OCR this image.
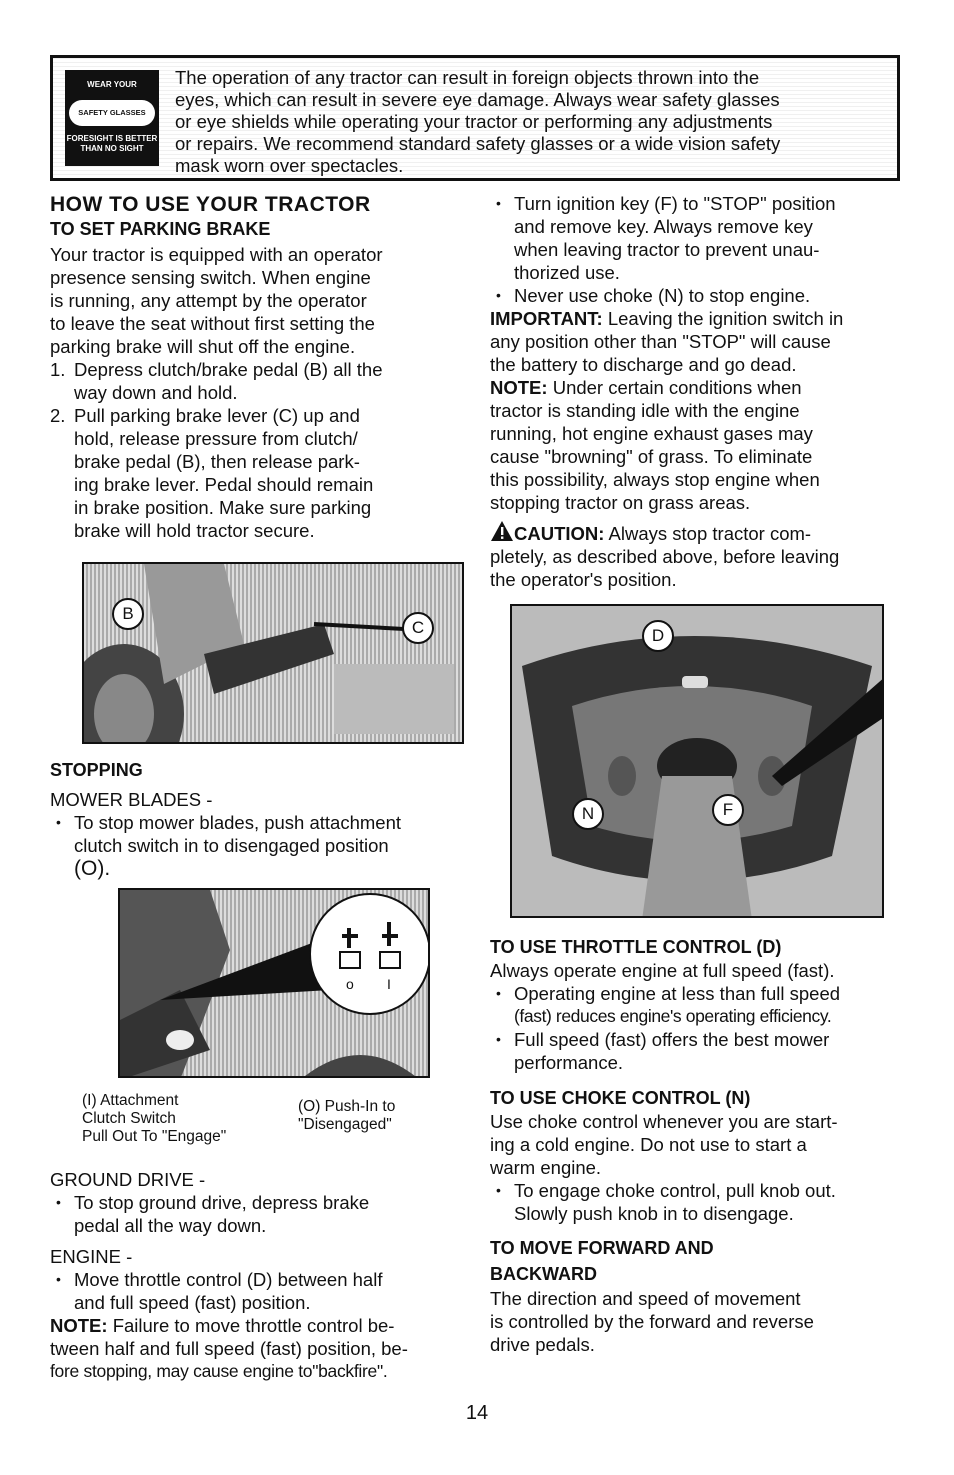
WEAR YOUR
SAFETY GLASSES
FORESIGHT IS BETTER
THAN NO SIGHT
The operation of any tractor can result in foreign objects thrown into the
eyes, which can result in severe eye damage. Always wear safety glasses
or eye shields while operating your tractor or performing any adjustments
or repairs. We recommend standard safety glasses or a wide vision safety
mask worn over spectacles.
HOW TO USE YOUR TRACTOR
TO SET PARKING BRAKE

Your tractor is equipped with an operator

presence sensing switch. When engine

is running, any attempt by the operator

to leave the seat without first setting the

parking brake will shut off the engine.

1. Depress clutch/brake pedal (B) all the
way down and hold.
2. Pull parking brake lever (C) up and
hold, release pressure from clutch/
brake pedal (B), then release park-
ing brake lever. Pedal should remain
in brake position. Make sure parking
brake will hold tractor secure.
B
C
STOPPING

MOWER BLADES -

• To stop mower blades, push attachment
clutch switch in to disengaged position
(O).
o I
(I) Attachment
Clutch Switch
Pull Out To "Engage"
(O) Push-In to
"Disengaged"

GROUND DRIVE -

• To stop ground drive, depress brake
pedal all the way down.

ENGINE -

• Move throttle control (D) between half
and full speed (fast) position.
NOTE: Failure to move throttle control be-
tween half and full speed (fast) position, be-
fore stopping, may cause engine to"backfire".
• Turn ignition key (F) to "STOP" position
and remove key. Always remove key
when leaving tractor to prevent unau-
thorized use.
• Never use choke (N) to stop engine.
IMPORTANT: Leaving the ignition switch in
any position other than "STOP" will cause
the battery to discharge and go dead.
NOTE: Under certain conditions when
tractor is standing idle with the engine
running, hot engine exhaust gases may
cause "browning" of grass. To eliminate
this possibility, always stop engine when
stopping tractor on grass areas.
CAUTION: Always stop tractor com-
pletely, as described above, before leaving
the operator's position.
D
N	F
TO USE THROTTLE CONTROL (D)

Always operate engine at full speed (fast).

• Operating engine at less than full speed
(fast) reduces engine's operating efficiency.
• Full speed (fast) offers the best mower
performance.
TO USE CHOKE CONTROL (N)

Use choke control whenever you are start-

ing a cold engine. Do not use to start a

warm engine.

• To engage choke control, pull knob out.
Slowly push knob in to disengage.
TO MOVE FORWARD AND
BACKWARD

The direction and speed of movement

is controlled by the forward and reverse

drive pedals.

14
